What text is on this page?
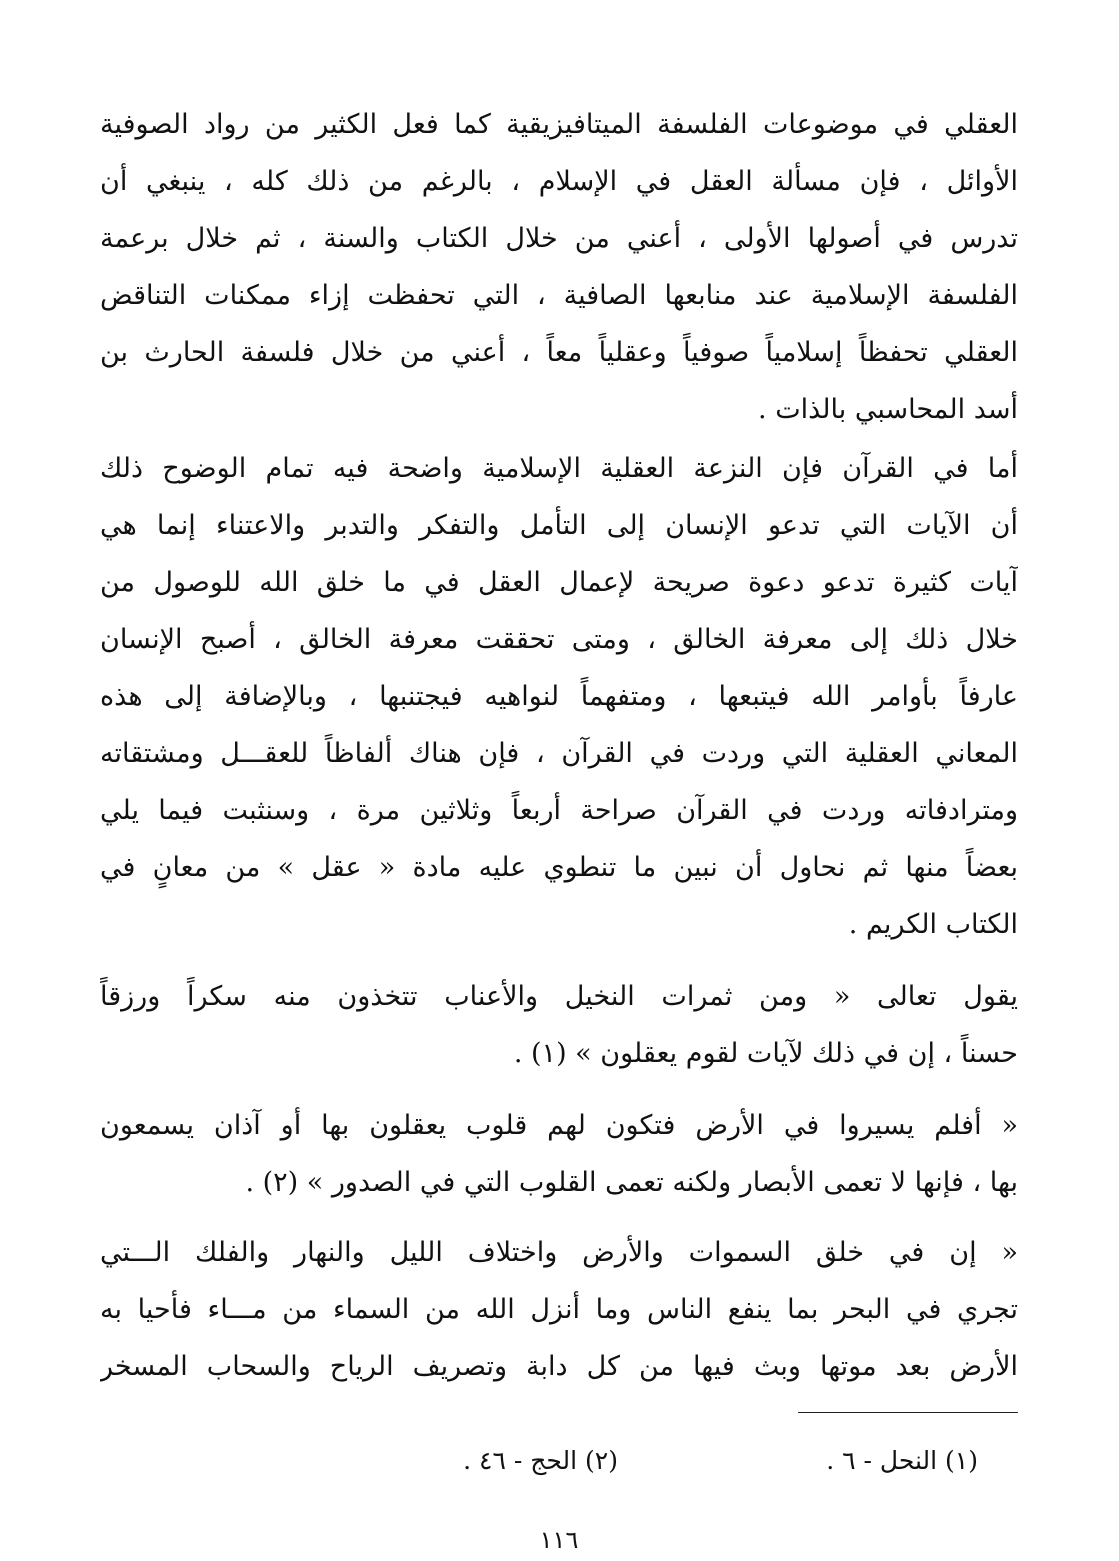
العقلي في موضوعات الفلسفة الميتافيزيقية كما فعل الكثير من رواد الصوفية
الأوائل ، فإن مسألة العقل في الإسلام ، بالرغم من ذلك كله ، ينبغي أن
تدرس في أصولها الأولى ، أعني من خلال الكتاب والسنة ، ثم خلال برعمة
الفلسفة الإسلامية عند منابعها الصافية ، التي تحفظت إزاء ممكنات التناقض
العقلي تحفظاً إسلامياً صوفياً وعقلياً معاً ، أعني من خلال فلسفة الحارث بن
أسد المحاسبي بالذات .
أما في القرآن فإن النزعة العقلية الإسلامية واضحة فيه تمام الوضوح ذلك
أن الآيات التي تدعو الإنسان إلى التأمل والتفكر والتدبر والاعتناء إنما هي
آيات كثيرة تدعو دعوة صريحة لإعمال العقل في ما خلق الله للوصول من
خلال ذلك إلى معرفة الخالق ، ومتى تحققت معرفة الخالق ، أصبح الإنسان
عارفاً بأوامر الله فيتبعها ، ومتفهماً لنواهيه فيجتنبها ، وبالإضافة إلى هذه
المعاني العقلية التي وردت في القرآن ، فإن هناك ألفاظاً للعقـــل ومشتقاته
ومترادفاته وردت في القرآن صراحة أربعاً وثلاثين مرة ، وسنثبت فيما يلي
بعضاً منها ثم نحاول أن نبين ما تنطوي عليه مادة « عقل » من معانٍ في
الكتاب الكريم .
يقول تعالى « ومن ثمرات النخيل والأعناب تتخذون منه سكراً ورزقاً
حسناً ، إن في ذلك لآيات لقوم يعقلون » (١) .
« أفلم يسيروا في الأرض فتكون لهم قلوب يعقلون بها أو آذان يسمعون
بها ، فإنها لا تعمى الأبصار ولكنه تعمى القلوب التي في الصدور » (٢) .
« إن في خلق السموات والأرض واختلاف الليل والنهار والفلك الـــتي
تجري في البحر بما ينفع الناس وما أنزل الله من السماء من مـــاء فأحيا به
الأرض بعد موتها وبث فيها من كل دابة وتصريف الرياح والسحاب المسخر
(١) النحل - ٦ .
(٢) الحج - ٤٦ .
١١٦
